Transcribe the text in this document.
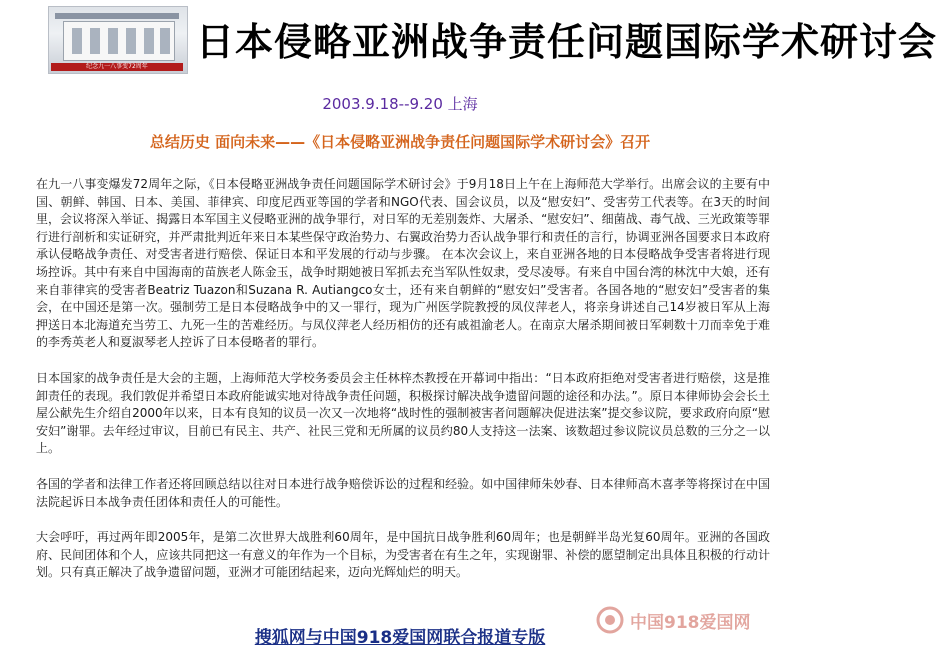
纪念九一八事变72周年
日本侵略亚洲战争责任问题国际学术研讨会
2003.9.18--9.20 上海
总结历史 面向未来——《日本侵略亚洲战争责任问题国际学术研讨会》召开

在九一八事变爆发72周年之际，《日本侵略亚洲战争责任问题国际学术研讨会》于9月18日上午在上海师范大学举行。出席会议的主要有中国、朝鲜、韩国、日本、美国、菲律宾、印度尼西亚等国的学者和NGO代表、国会议员，以及“慰安妇”、受害劳工代表等。在3天的时间里，会议将深入举证、揭露日本军国主义侵略亚洲的战争罪行，对日军的无差别轰炸、大屠杀、“慰安妇”、细菌战、毒气战、三光政策等罪行进行剖析和实证研究，并严肃批判近年来日本某些保守政治势力、右翼政治势力否认战争罪行和责任的言行，协调亚洲各国要求日本政府承认侵略战争责任、对受害者进行赔偿、保证日本和平发展的行动与步骤。 在本次会议上，来自亚洲各地的日本侵略战争受害者将进行现场控诉。其中有来自中国海南的苗族老人陈金玉，战争时期她被日军抓去充当军队性奴隶，受尽凌辱。有来自中国台湾的林沈中大娘，还有来自菲律宾的受害者Beatriz Tuazon和Suzana R. Autiangco女士，还有来自朝鲜的“慰安妇”受害者。各国各地的“慰安妇”受害者的集会，在中国还是第一次。强制劳工是日本侵略战争中的又一罪行，现为广州医学院教授的凤仪萍老人，将亲身讲述自己14岁被日军从上海押送日本北海道充当劳工、九死一生的苦难经历。与凤仪萍老人经历相仿的还有戚祖渝老人。在南京大屠杀期间被日军刺数十刀而幸免于难的李秀英老人和夏淑琴老人控诉了日本侵略者的罪行。

日本国家的战争责任是大会的主题，上海师范大学校务委员会主任林梓杰教授在开幕词中指出：“日本政府拒绝对受害者进行赔偿，这是推卸责任的表现。我们敦促并希望日本政府能诚实地对待战争责任问题，积极探讨解决战争遗留问题的途径和办法。”。原日本律师协会会长土屋公献先生介绍自2000年以来，日本有良知的议员一次又一次地将“战时性的强制被害者问题解决促进法案”提交参议院，要求政府向原“慰安妇”谢罪。去年经过审议，目前已有民主、共产、社民三党和无所属的议员约80人支持这一法案、该数超过参议院议员总数的三分之一以上。

各国的学者和法律工作者还将回顾总结以往对日本进行战争赔偿诉讼的过程和经验。如中国律师朱妙春、日本律师高木喜孝等将探讨在中国法院起诉日本战争责任团体和责任人的可能性。

大会呼吁，再过两年即2005年，是第二次世界大战胜利60周年，是中国抗日战争胜利60周年；也是朝鲜半岛光复60周年。亚洲的各国政府、民间团体和个人，应该共同把这一有意义的年作为一个目标，为受害者在有生之年，实现谢罪、补偿的愿望制定出具体且积极的行动计划。只有真正解决了战争遗留问题，亚洲才可能团结起来，迈向光辉灿烂的明天。

中国918爱国网
搜狐网与中国918爱国网联合报道专版
